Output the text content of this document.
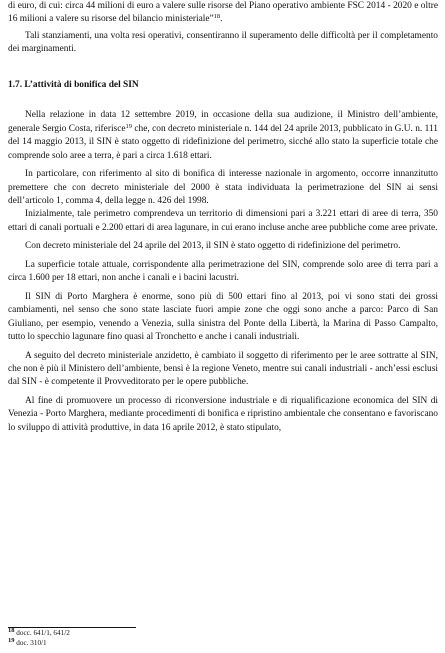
di euro, di cui: circa 44 milioni di euro a valere sulle risorse del Piano operativo ambiente FSC 2014 - 2020 e oltre 16 milioni a valere su risorse del bilancio ministeriale”$^{18}$.

Tali stanziamenti, una volta resi operativi, consentiranno il superamento delle difficoltà per il completamento dei marginamenti.

1.7. L’attività di bonifica del SIN

Nella relazione in data 12 settembre 2019, in occasione della sua audizione, il Ministro dell’ambiente, generale Sergio Costa, riferisce$^{19}$ che, con decreto ministeriale n. 144 del 24 aprile 2013, pubblicato in G.U. n. 111 del 14 maggio 2013, il SIN è stato oggetto di ridefinizione del perimetro, sicché allo stato la superficie totale che comprende solo aree a terra, è pari a circa 1.618 ettari.

In particolare, con riferimento al sito di bonifica di interesse nazionale in argomento, occorre innanzitutto premettere che con decreto ministeriale del 2000 è stata individuata la perimetrazione del SIN ai sensi dell’articolo 1, comma 4, della legge n. 426 del 1998.

Inizialmente, tale perimetro comprendeva un territorio di dimensioni pari a 3.221 ettari di aree di terra, 350 ettari di canali portuali e 2.200 ettari di area lagunare, in cui erano incluse anche aree pubbliche come aree private.

Con decreto ministeriale del 24 aprile del 2013, il SIN è stato oggetto di ridefinizione del perimetro.

La superficie totale attuale, corrispondente alla perimetrazione del SIN, comprende solo aree di terra pari a circa 1.600 per 18 ettari, non anche i canali e i bacini lacustri.

Il SIN di Porto Marghera è enorme, sono più di 500 ettari fino al 2013, poi vi sono stati dei grossi cambiamenti, nel senso che sono state lasciate fuori ampie zone che oggi sono anche a parco: Parco di San Giuliano, per esempio, venendo a Venezia, sulla sinistra del Ponte della Libertà, la Marina di Passo Campalto, tutto lo specchio lagunare fino quasi al Tronchetto e anche i canali industriali.

A seguito del decreto ministeriale anzidetto, è cambiato il soggetto di riferimento per le aree sottratte al SIN, che non è più il Ministero dell’ambiente, bensì è la regione Veneto, mentre sui canali industriali - anch’essi esclusi dal SIN - è competente il Provveditorato per le opere pubbliche.

Al fine di promuovere un processo di riconversione industriale e di riqualificazione economica del SIN di Venezia - Porto Marghera, mediante procedimenti di bonifica e ripristino ambientale che consentano e favoriscano lo sviluppo di attività produttive, in data 16 aprile 2012, è stato stipulato,

$^{18}$ docc. 641/1, 641/2
$^{19}$ doc. 310/1
